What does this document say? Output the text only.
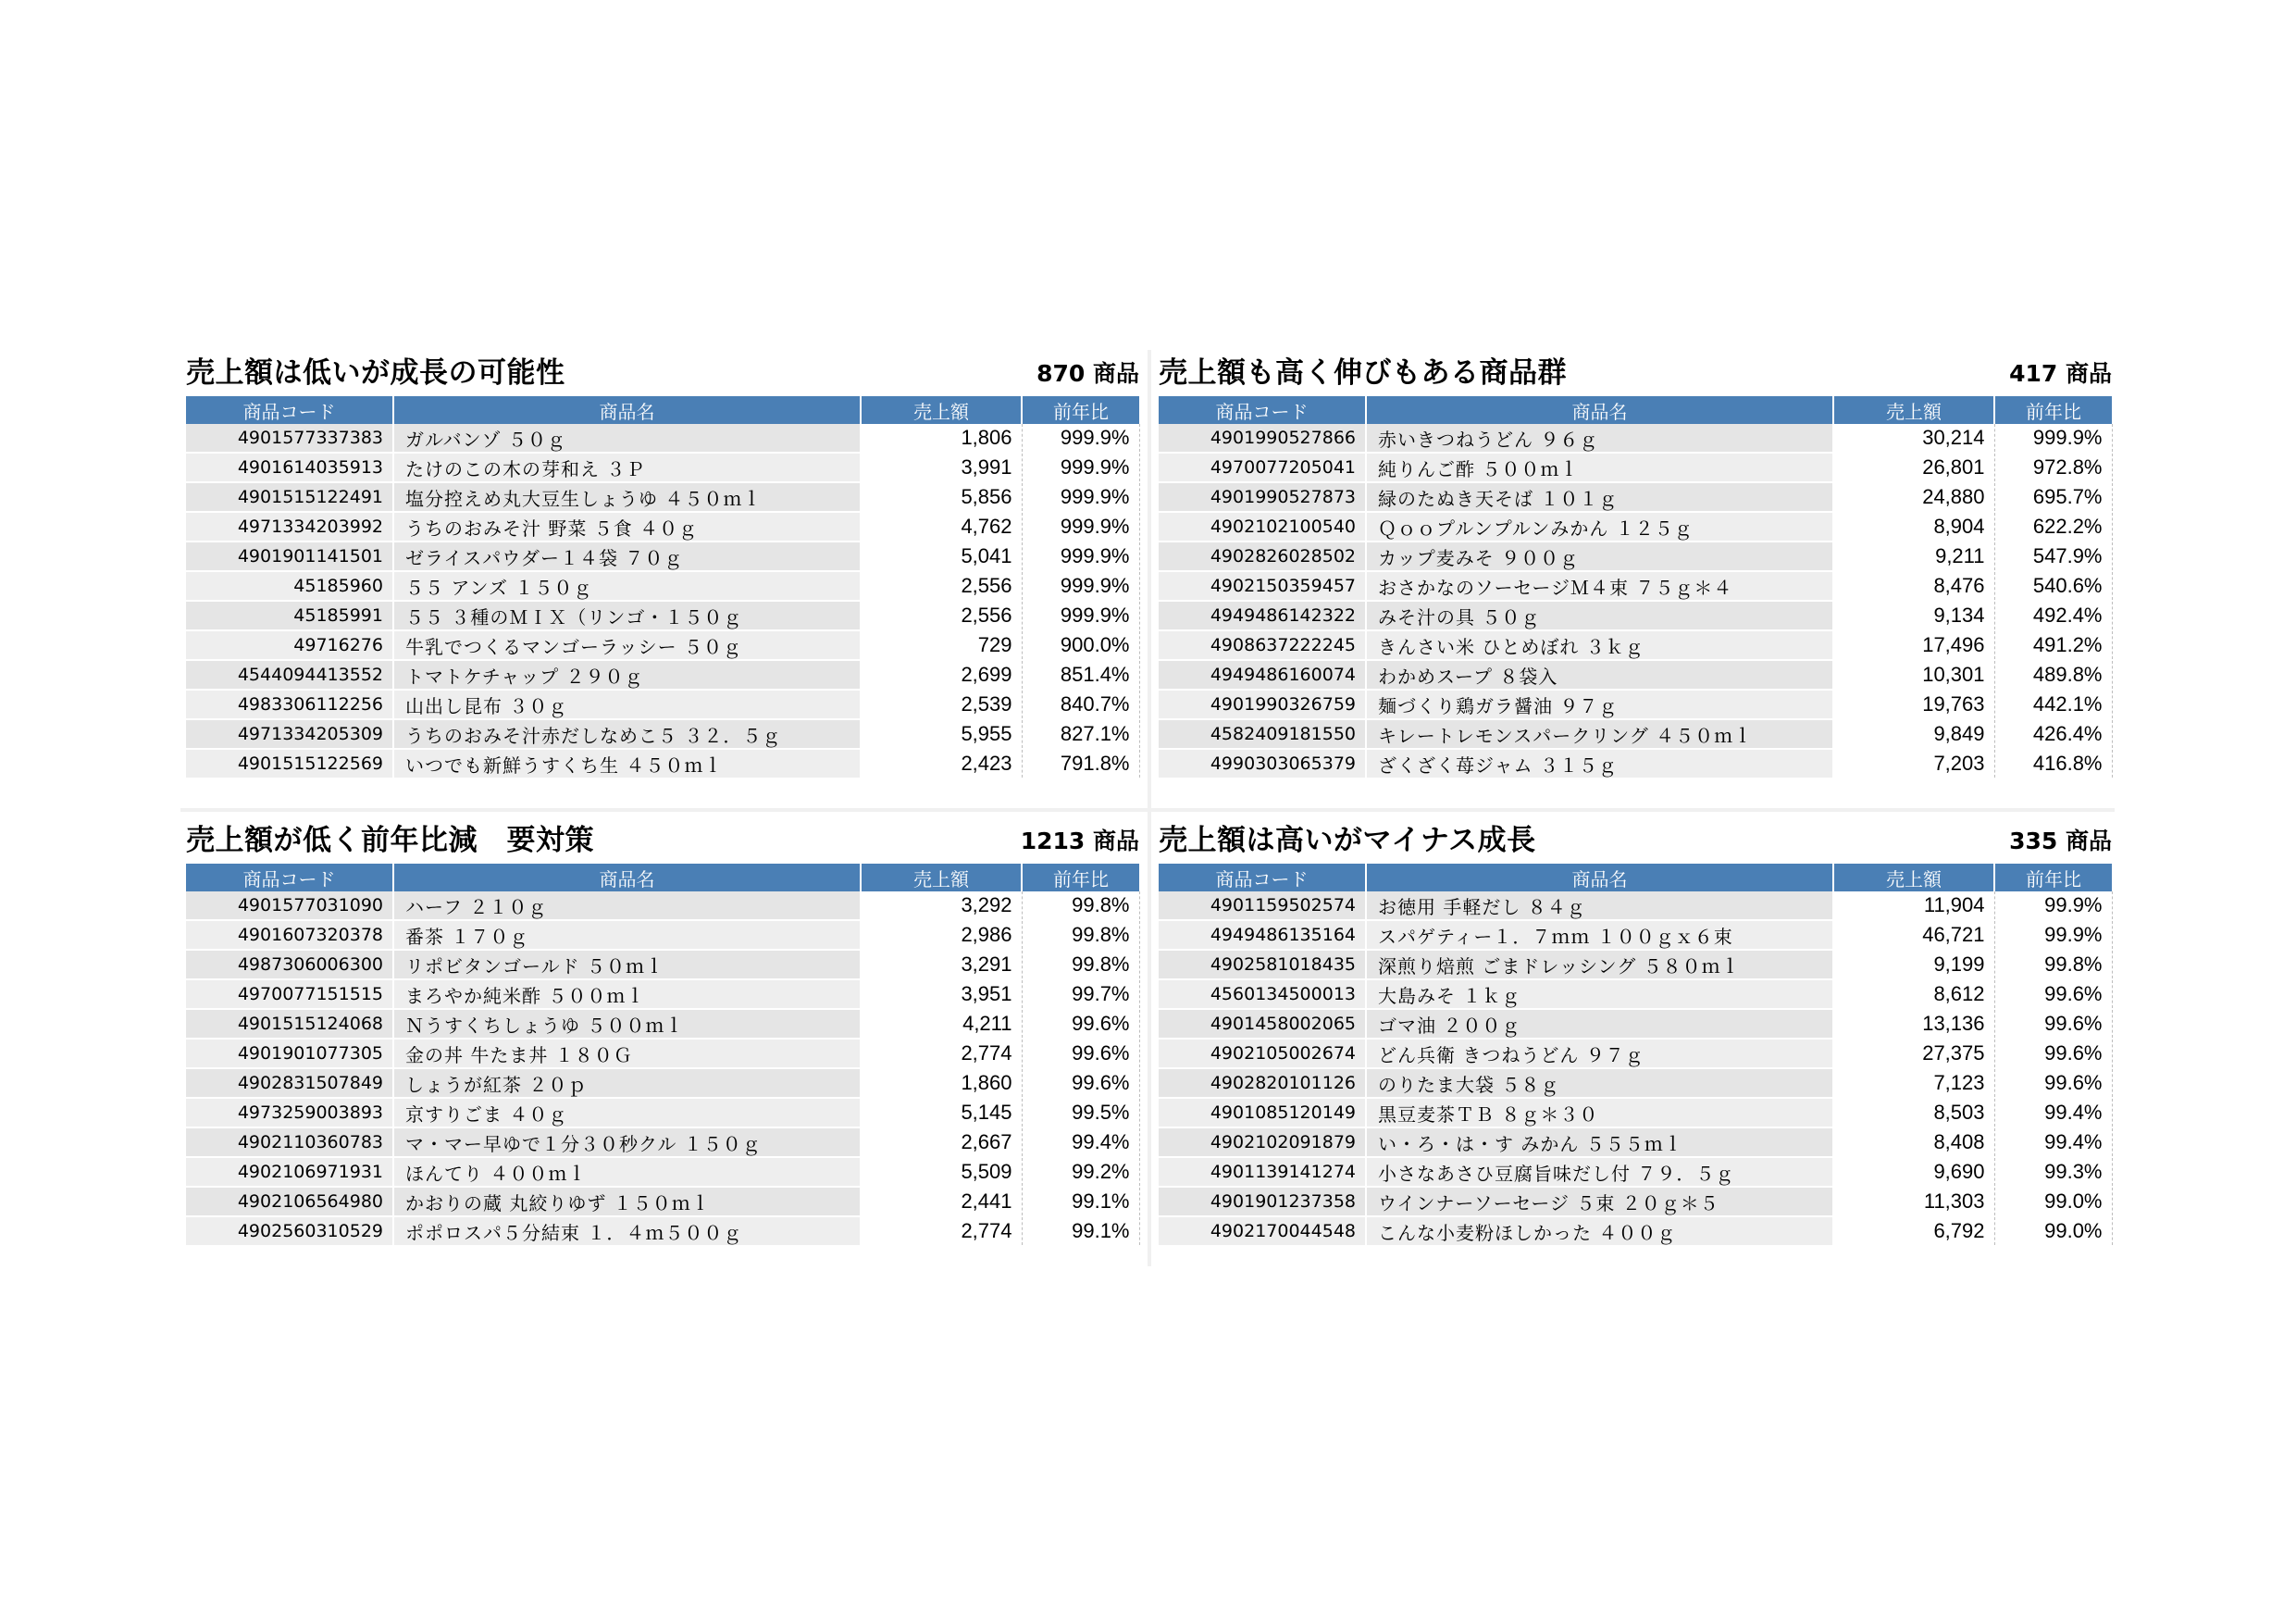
売上額は低いが成長の可能性	870 商品
商品コード	商品名	売上額	前年比
4901577337383	ガルバンゾ ５０ｇ	1,806	999.9%
4901614035913	たけのこの木の芽和え ３Ｐ	3,991	999.9%
4901515122491	塩分控えめ丸大豆生しょうゆ ４５０ｍｌ	5,856	999.9%
4971334203992	うちのおみそ汁 野菜 ５食 ４０ｇ	4,762	999.9%
4901901141501	ゼライスパウダー１４袋 ７０ｇ	5,041	999.9%
45185960	５５ アンズ １５０ｇ	2,556	999.9%
45185991	５５ ３種のＭＩＸ（リンゴ・１５０ｇ	2,556	999.9%
49716276	牛乳でつくるマンゴーラッシー ５０ｇ	729	900.0%
4544094413552	トマトケチャップ ２９０ｇ	2,699	851.4%
4983306112256	山出し昆布 ３０ｇ	2,539	840.7%
4971334205309	うちのおみそ汁赤だしなめこ５ ３２．５ｇ	5,955	827.1%
4901515122569	いつでも新鮮うすくち生 ４５０ｍｌ	2,423	791.8%
売上額も高く伸びもある商品群	417 商品
商品コード	商品名	売上額	前年比
4901990527866	赤いきつねうどん ９６ｇ	30,214	999.9%
4970077205041	純りんご酢 ５００ｍｌ	26,801	972.8%
4901990527873	緑のたぬき天そば １０１ｇ	24,880	695.7%
4902102100540	Ｑｏｏプルンプルンみかん １２５ｇ	8,904	622.2%
4902826028502	カップ麦みそ ９００ｇ	9,211	547.9%
4902150359457	おさかなのソーセージＭ４束 ７５ｇ＊４	8,476	540.6%
4949486142322	みそ汁の具 ５０ｇ	9,134	492.4%
4908637222245	きんさい米 ひとめぼれ ３ｋｇ	17,496	491.2%
4949486160074	わかめスープ ８袋入	10,301	489.8%
4901990326759	麺づくり鶏ガラ醤油 ９７ｇ	19,763	442.1%
4582409181550	キレートレモンスパークリング ４５０ｍｌ	9,849	426.4%
4990303065379	ざくざく苺ジャム ３１５ｇ	7,203	416.8%
売上額が低く前年比減　要対策	1213 商品
商品コード	商品名	売上額	前年比
4901577031090	ハーフ ２１０ｇ	3,292	99.8%
4901607320378	番茶 １７０ｇ	2,986	99.8%
4987306006300	リポビタンゴールド ５０ｍｌ	3,291	99.8%
4970077151515	まろやか純米酢 ５００ｍｌ	3,951	99.7%
4901515124068	Ｎうすくちしょうゆ ５００ｍｌ	4,211	99.6%
4901901077305	金の丼 牛たま丼 １８０Ｇ	2,774	99.6%
4902831507849	しょうが紅茶 ２０ｐ	1,860	99.6%
4973259003893	京すりごま ４０ｇ	5,145	99.5%
4902110360783	マ・マー早ゆで１分３０秒クル １５０ｇ	2,667	99.4%
4902106971931	ほんてり ４００ｍｌ	5,509	99.2%
4902106564980	かおりの蔵 丸絞りゆず １５０ｍｌ	2,441	99.1%
4902560310529	ポポロスパ５分結束 １．４ｍ５００ｇ	2,774	99.1%
売上額は高いがマイナス成長	335 商品
商品コード	商品名	売上額	前年比
4901159502574	お徳用 手軽だし ８４ｇ	11,904	99.9%
4949486135164	スパゲティー１．７ｍｍ １００ｇｘ６束	46,721	99.9%
4902581018435	深煎り焙煎 ごまドレッシング ５８０ｍｌ	9,199	99.8%
4560134500013	大島みそ １ｋｇ	8,612	99.6%
4901458002065	ゴマ油 ２００ｇ	13,136	99.6%
4902105002674	どん兵衛 きつねうどん ９７ｇ	27,375	99.6%
4902820101126	のりたま大袋 ５８ｇ	7,123	99.6%
4901085120149	黒豆麦茶ＴＢ ８ｇ＊３０	8,503	99.4%
4902102091879	い・ろ・は・す みかん ５５５ｍｌ	8,408	99.4%
4901139141274	小さなあさひ豆腐旨味だし付 ７９．５ｇ	9,690	99.3%
4901901237358	ウインナーソーセージ ５束 ２０ｇ＊５	11,303	99.0%
4902170044548	こんな小麦粉ほしかった ４００ｇ	6,792	99.0%
